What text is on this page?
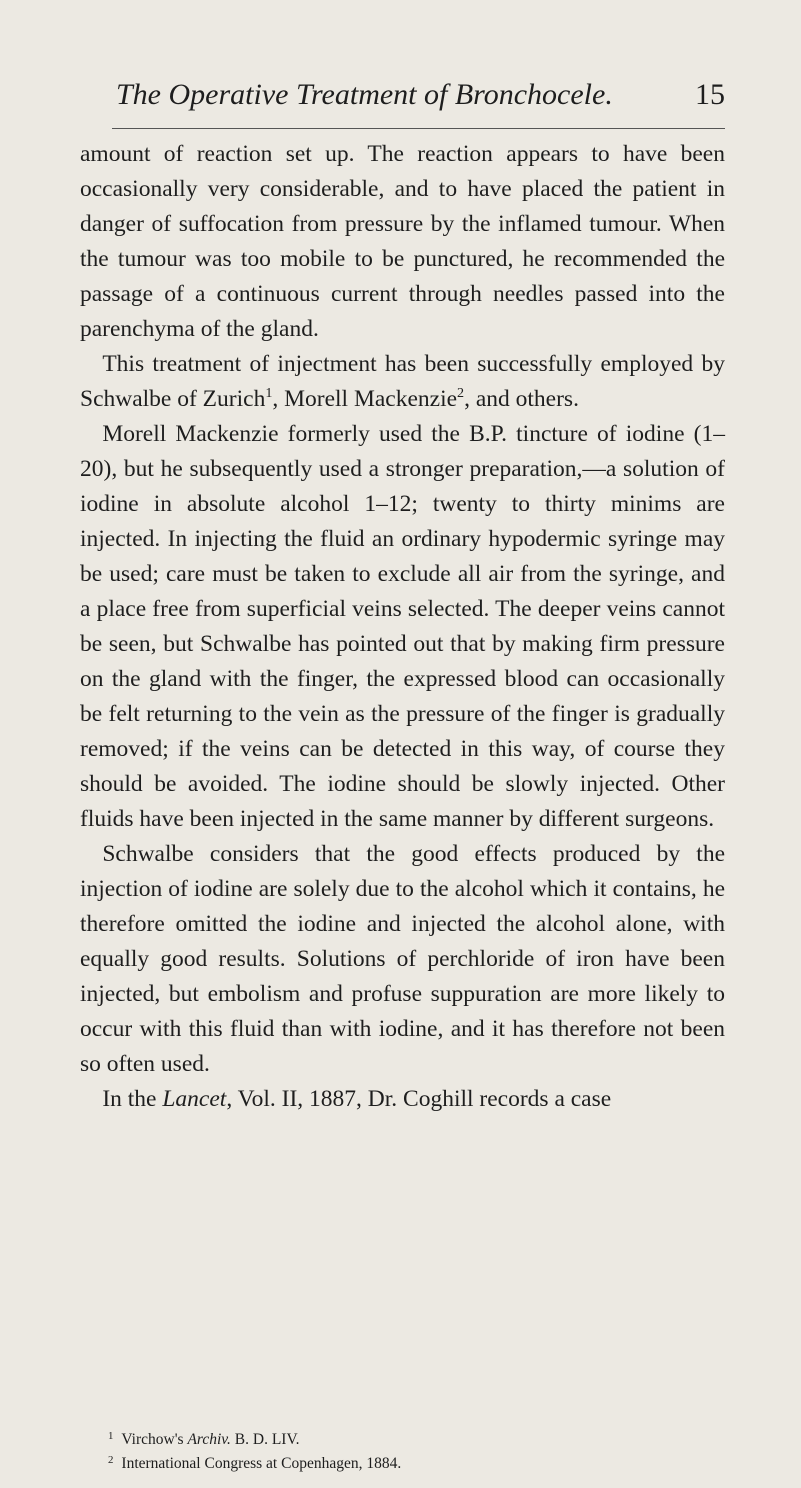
The Operative Treatment of Bronchocele.	15

amount of reaction set up. The reaction appears to have been occasionally very considerable, and to have placed the patient in danger of suffocation from pressure by the inflamed tumour. When the tumour was too mobile to be punctured, he recommended the passage of a continuous current through needles passed into the parenchyma of the gland.

This treatment of injectment has been successfully employed by Schwalbe of Zurich$^1$, Morell Mackenzie$^2$, and others.

Morell Mackenzie formerly used the B.P. tincture of iodine (1–20), but he subsequently used a stronger preparation,—a solution of iodine in absolute alcohol 1–12; twenty to thirty minims are injected. In injecting the fluid an ordinary hypodermic syringe may be used; care must be taken to exclude all air from the syringe, and a place free from superficial veins selected. The deeper veins cannot be seen, but Schwalbe has pointed out that by making firm pressure on the gland with the finger, the expressed blood can occasionally be felt returning to the vein as the pressure of the finger is gradually removed; if the veins can be detected in this way, of course they should be avoided. The iodine should be slowly injected. Other fluids have been injected in the same manner by different surgeons.

Schwalbe considers that the good effects produced by the injection of iodine are solely due to the alcohol which it contains, he therefore omitted the iodine and injected the alcohol alone, with equally good results. Solutions of perchloride of iron have been injected, but embolism and profuse suppuration are more likely to occur with this fluid than with iodine, and it has therefore not been so often used.

In the Lancet, Vol. II, 1887, Dr. Coghill records a case

$^1$ Virchow's Archiv. B. D. LIV.
$^2$ International Congress at Copenhagen, 1884.
